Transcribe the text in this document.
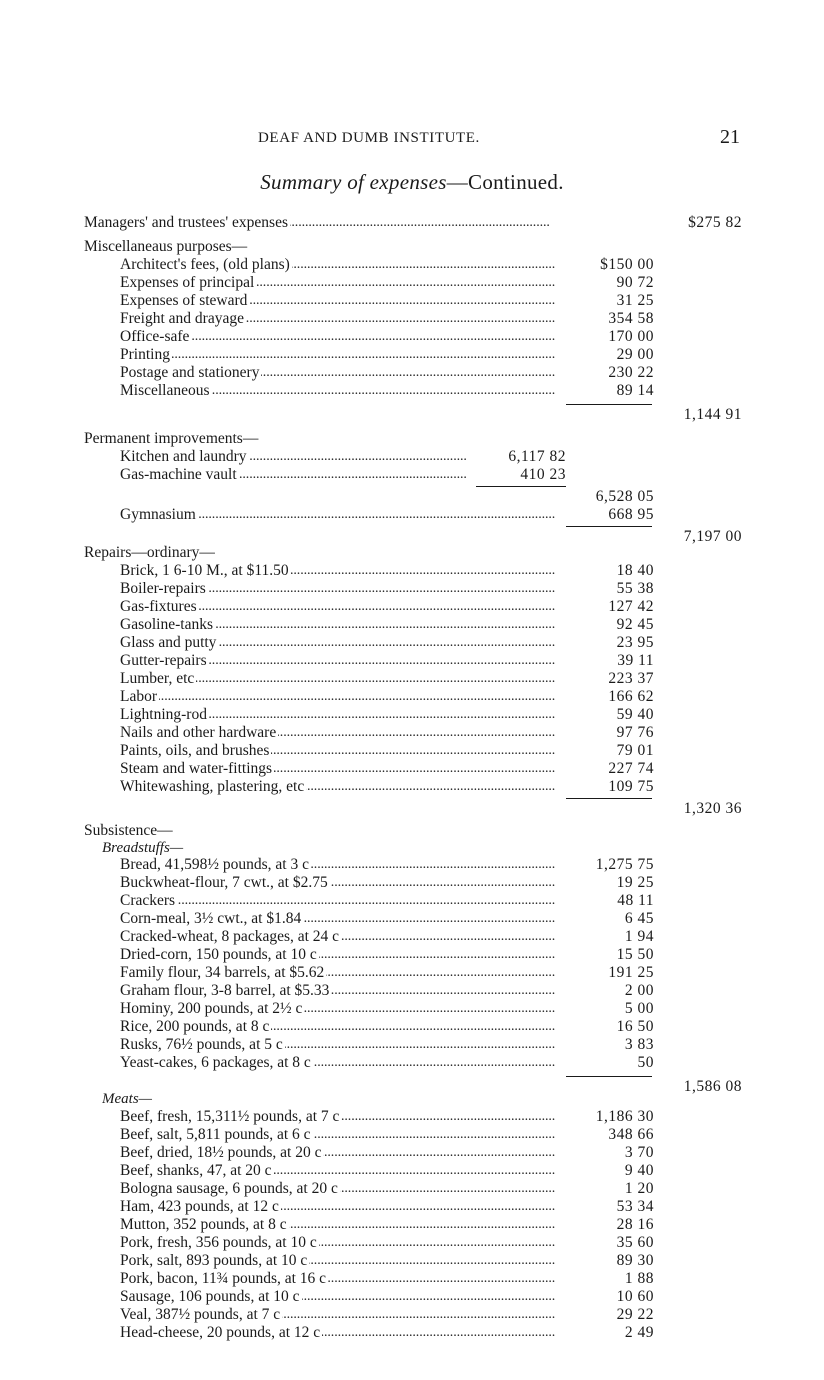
DEAF AND DUMB INSTITUTE.	21
Summary of expenses—Continued.
Managers' and trustees' expenses . . .	$275 82
Miscellaneaus purposes—
Architect's fees, (old plans) . . .	$150 00
Expenses of principal . . .	90 72
Expenses of steward . . .	31 25
Freight and drayage . . .	354 58
Office-safe . . .	170 00
Printing . . .	29 00
Postage and stationery . . .	230 22
Miscellaneous . . .	89 14
1,144 91
Permanent improvements—
Kitchen and laundry . . .	6,117 82
Gas-machine vault . . .	410 23
6,528 05
Gymnasium . . .	668 95
7,197 00
Repairs—ordinary—
Brick, 1 6-10 M., at $11.50 . . .	18 40
Boiler-repairs . . .	55 38
Gas-fixtures . . .	127 42
Gasoline-tanks . . .	92 45
Glass and putty . . .	23 95
Gutter-repairs . . .	39 11
Lumber, etc . . .	223 37
Labor . . .	166 62
Lightning-rod . . .	59 40
Nails and other hardware . . .	97 76
Paints, oils, and brushes . . .	79 01
Steam and water-fittings . . .	227 74
Whitewashing, plastering, etc . . .	109 75
1,320 36
Subsistence—
Breadstuffs—
Bread, 41,598½ pounds, at 3 c . . .	1,275 75
Buckwheat-flour, 7 cwt., at $2.75 . . .	19 25
Crackers . . .	48 11
Corn-meal, 3½ cwt., at $1.84 . . .	6 45
Cracked-wheat, 8 packages, at 24 c . . .	1 94
Dried-corn, 150 pounds, at 10 c . . .	15 50
Family flour, 34 barrels, at $5.62 . . .	191 25
Graham flour, 3-8 barrel, at $5.33 . . .	2 00
Hominy, 200 pounds, at 2½ c . . .	5 00
Rice, 200 pounds, at 8 c . . .	16 50
Rusks, 76½ pounds, at 5 c . . .	3 83
Yeast-cakes, 6 packages, at 8 c . . .	50
1,586 08
Meats—
Beef, fresh, 15,311½ pounds, at 7 c . . .	1,186 30
Beef, salt, 5,811 pounds, at 6 c . . .	348 66
Beef, dried, 18½ pounds, at 20 c . . .	3 70
Beef, shanks, 47, at 20 c . . .	9 40
Bologna sausage, 6 pounds, at 20 c . . .	1 20
Ham, 423 pounds, at 12 c . . .	53 34
Mutton, 352 pounds, at 8 c . . .	28 16
Pork, fresh, 356 pounds, at 10 c . . .	35 60
Pork, salt, 893 pounds, at 10 c . . .	89 30
Pork, bacon, 11¾ pounds, at 16 c . . .	1 88
Sausage, 106 pounds, at 10 c . . .	10 60
Veal, 387½ pounds, at 7 c . . .	29 22
Head-cheese, 20 pounds, at 12 c . . .	2 49
